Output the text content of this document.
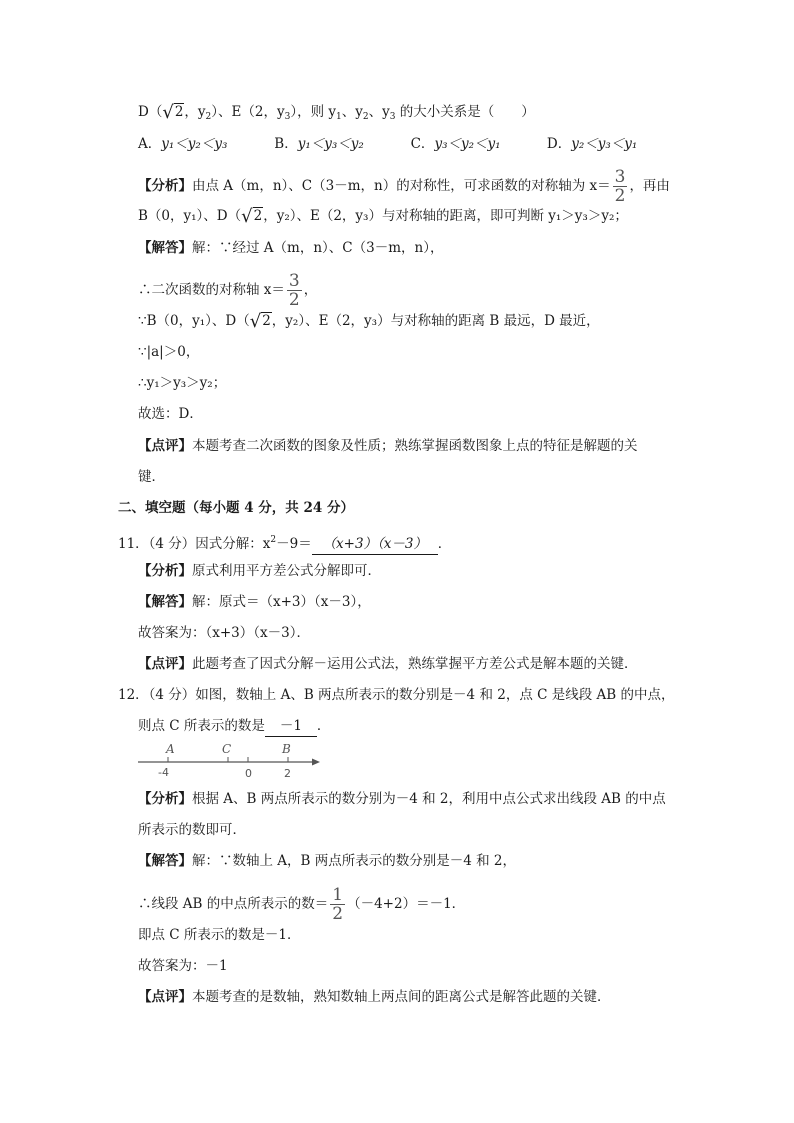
D（√2，$y_2$）、E（2，$y_3$），则 $y_1$、$y_2$、$y_3$ 的大小关系是（　　）
A．y₁＜y₂＜y₃	B．y₁＜y₃＜y₂	C．y₃＜y₂＜y₁	D．y₂＜y₃＜y₁
【分析】由点 A（m，n）、C（3－m，n）的对称性，可求函数的对称轴为 $x= \frac{3}{2}$ ，再由
B（0，y₁）、D（√2，y₂）、E（2，y₃）与对称轴的距离，即可判断 y₁＞y₃＞y₂；
【解答】解：∵经过 A（m，n）、C（3－m，n），
∴二次函数的对称轴 $x= \frac{3}{2}$ ，
∵B（0，y₁）、D（√2，y₂）、E（2，y₃）与对称轴的距离 B 最远，D 最近，
∵|a|＞0，
∴y₁＞y₃＞y₂；
故选：D．
【点评】本题考查二次函数的图象及性质；熟练掌握函数图象上点的特征是解题的关
键．
二、填空题（每小题 4 分，共 24 分）
11．（4 分）因式分解：$x^2-9= (x+3)(x-3)$ ．
【分析】原式利用平方差公式分解即可．
【解答】解：原式＝（x+3）（x－3），
故答案为：（x+3）（x－3）．
【点评】此题考查了因式分解－运用公式法，熟练掌握平方差公式是解本题的关键．
12．（4 分）如图，数轴上 A、B 两点所表示的数分别是－4 和 2，点 C 是线段 AB 的中点，
则点 C 所表示的数是 －1 ．
A	C	B
-4	0	2
【分析】根据 A、B 两点所表示的数分别为－4 和 2，利用中点公式求出线段 AB 的中点
所表示的数即可．
【解答】解：∵数轴上 A，B 两点所表示的数分别是－4 和 2，
∴线段 AB 的中点所表示的数＝ $\frac{1}{2} (-4+2)=-1$．
即点 C 所表示的数是－1．
故答案为：－1
【点评】本题考查的是数轴，熟知数轴上两点间的距离公式是解答此题的关键．
